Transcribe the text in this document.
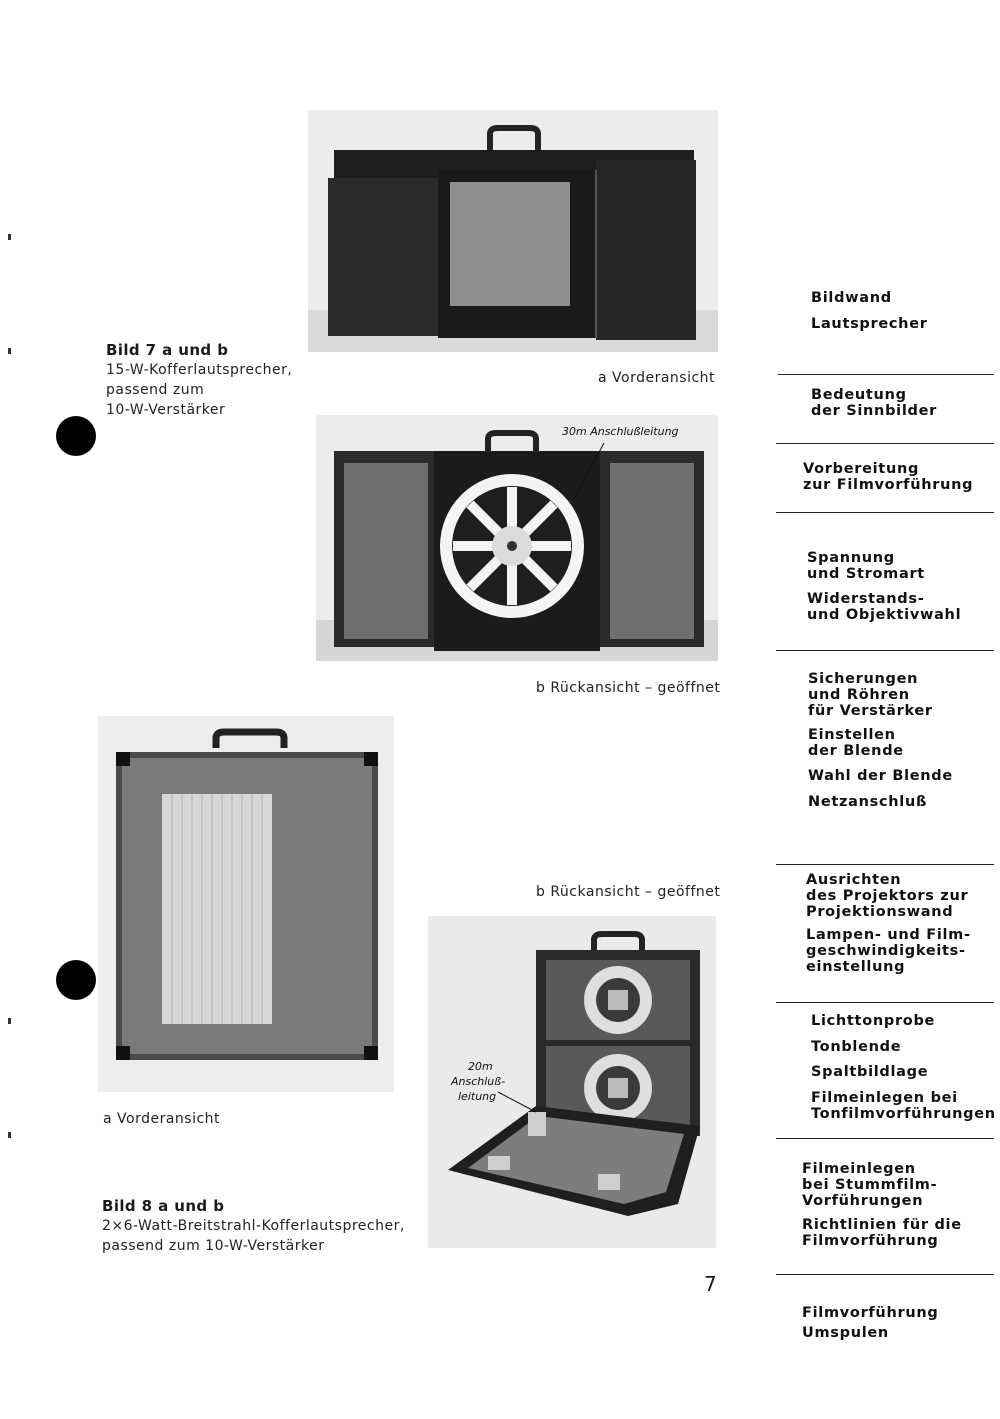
a Vorderansicht
Bild 7 a und b
15-W-Kofferlautsprecher,
passend zum
10-W-Verstärker
30m Anschlußleitung
b Rückansicht – geöffnet
a Vorderansicht
b Rückansicht – geöffnet
20m
Anschluß-
leitung
Bild 8 a und b
2×6-Watt-Breitstrahl-Kofferlautsprecher,
passend zum 10-W-Verstärker
7
Bildwand
Lautsprecher
Bedeutung
der Sinnbilder
Vorbereitung
zur Filmvorführung
Spannung
und Stromart
Widerstands-
und Objektivwahl
Sicherungen
und Röhren
für Verstärker
Einstellen
der Blende
Wahl der Blende
Netzanschluß
Ausrichten
des Projektors zur
Projektionswand
Lampen- und Film-
geschwindigkeits-
einstellung
Lichttonprobe
Tonblende
Spaltbildlage
Filmeinlegen bei
Tonfilmvorführungen
Filmeinlegen
bei Stummfilm-
Vorführungen
Richtlinien für die
Filmvorführung
Filmvorführung
Umspulen
